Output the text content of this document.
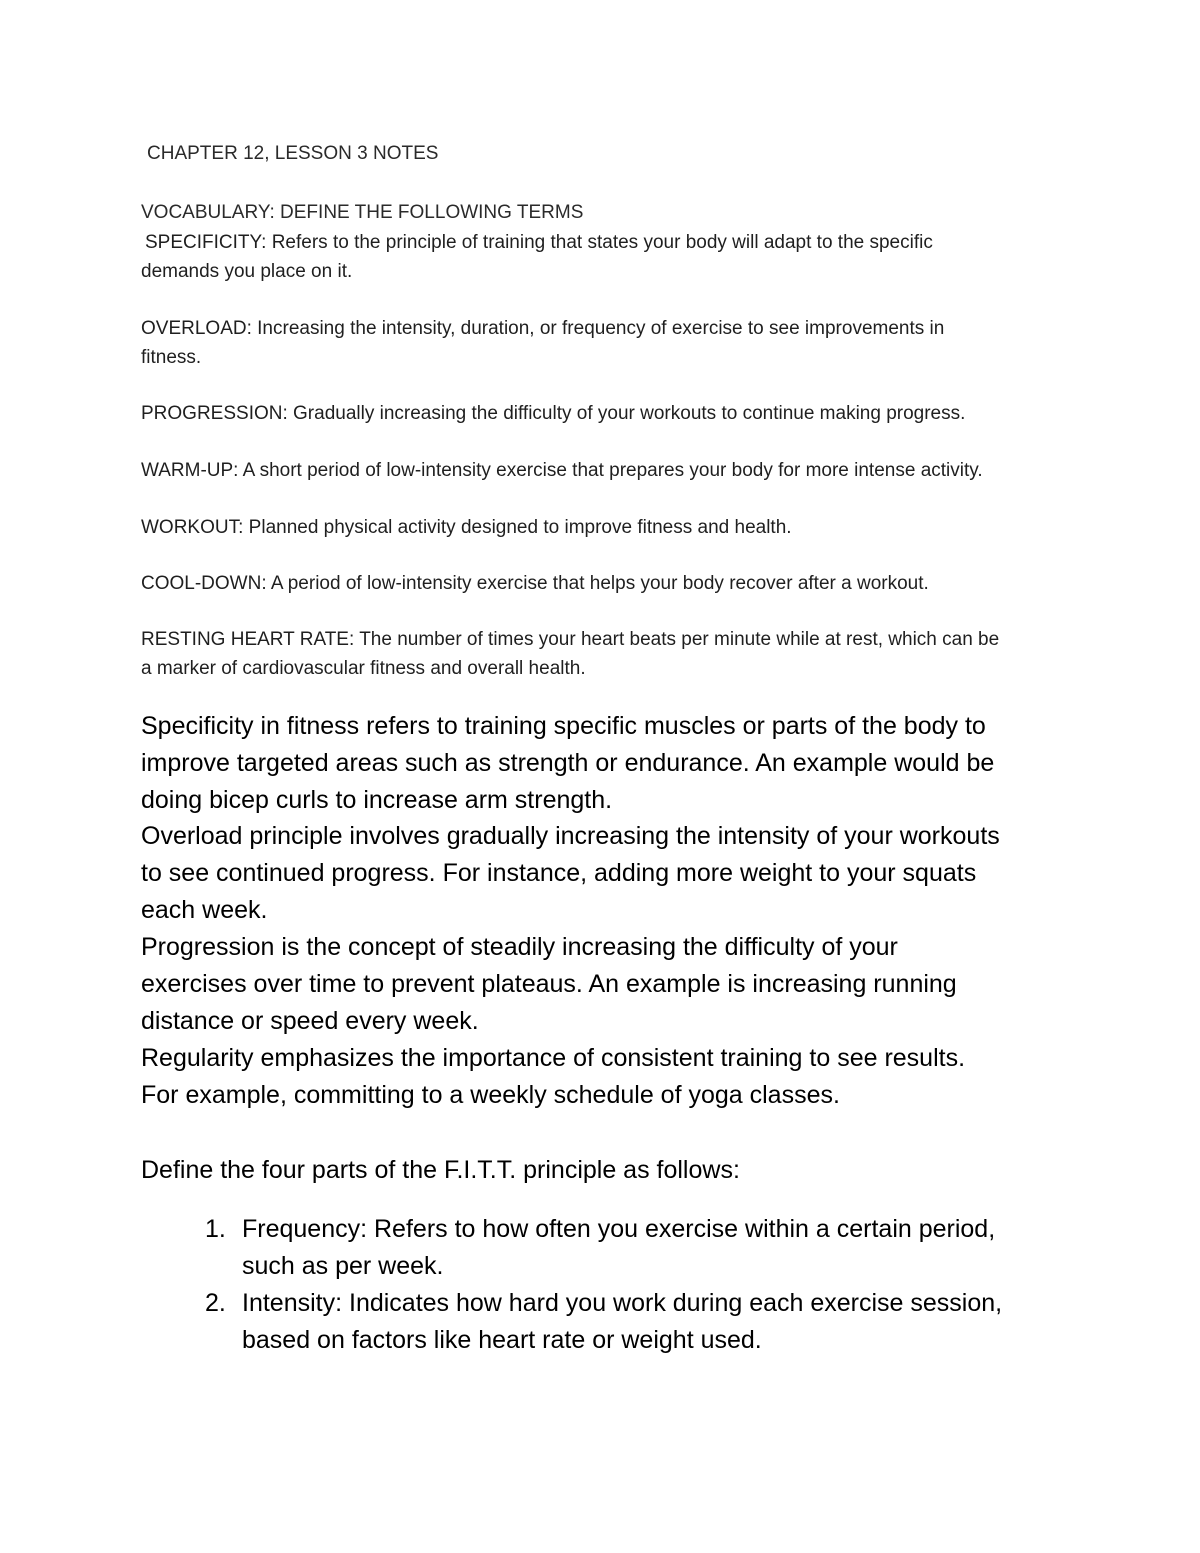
CHAPTER 12, LESSON 3 NOTES
VOCABULARY: DEFINE THE FOLLOWING TERMS
SPECIFICITY: Refers to the principle of training that states your body will adapt to the specific
demands you place on it.
OVERLOAD: Increasing the intensity, duration, or frequency of exercise to see improvements in
fitness.
PROGRESSION: Gradually increasing the difficulty of your workouts to continue making progress.
WARM-UP: A short period of low-intensity exercise that prepares your body for more intense activity.
WORKOUT: Planned physical activity designed to improve fitness and health.
COOL-DOWN: A period of low-intensity exercise that helps your body recover after a workout.
RESTING HEART RATE: The number of times your heart beats per minute while at rest, which can be
a marker of cardiovascular fitness and overall health.
Specificity in fitness refers to training specific muscles or parts of the body to
improve targeted areas such as strength or endurance. An example would be
doing bicep curls to increase arm strength.
Overload principle involves gradually increasing the intensity of your workouts
to see continued progress. For instance, adding more weight to your squats
each week.
Progression is the concept of steadily increasing the difficulty of your
exercises over time to prevent plateaus. An example is increasing running
distance or speed every week.
Regularity emphasizes the importance of consistent training to see results.
For example, committing to a weekly schedule of yoga classes.
Define the four parts of the F.I.T.T. principle as follows:
1. Frequency: Refers to how often you exercise within a certain period,
such as per week.
2. Intensity: Indicates how hard you work during each exercise session,
based on factors like heart rate or weight used.
